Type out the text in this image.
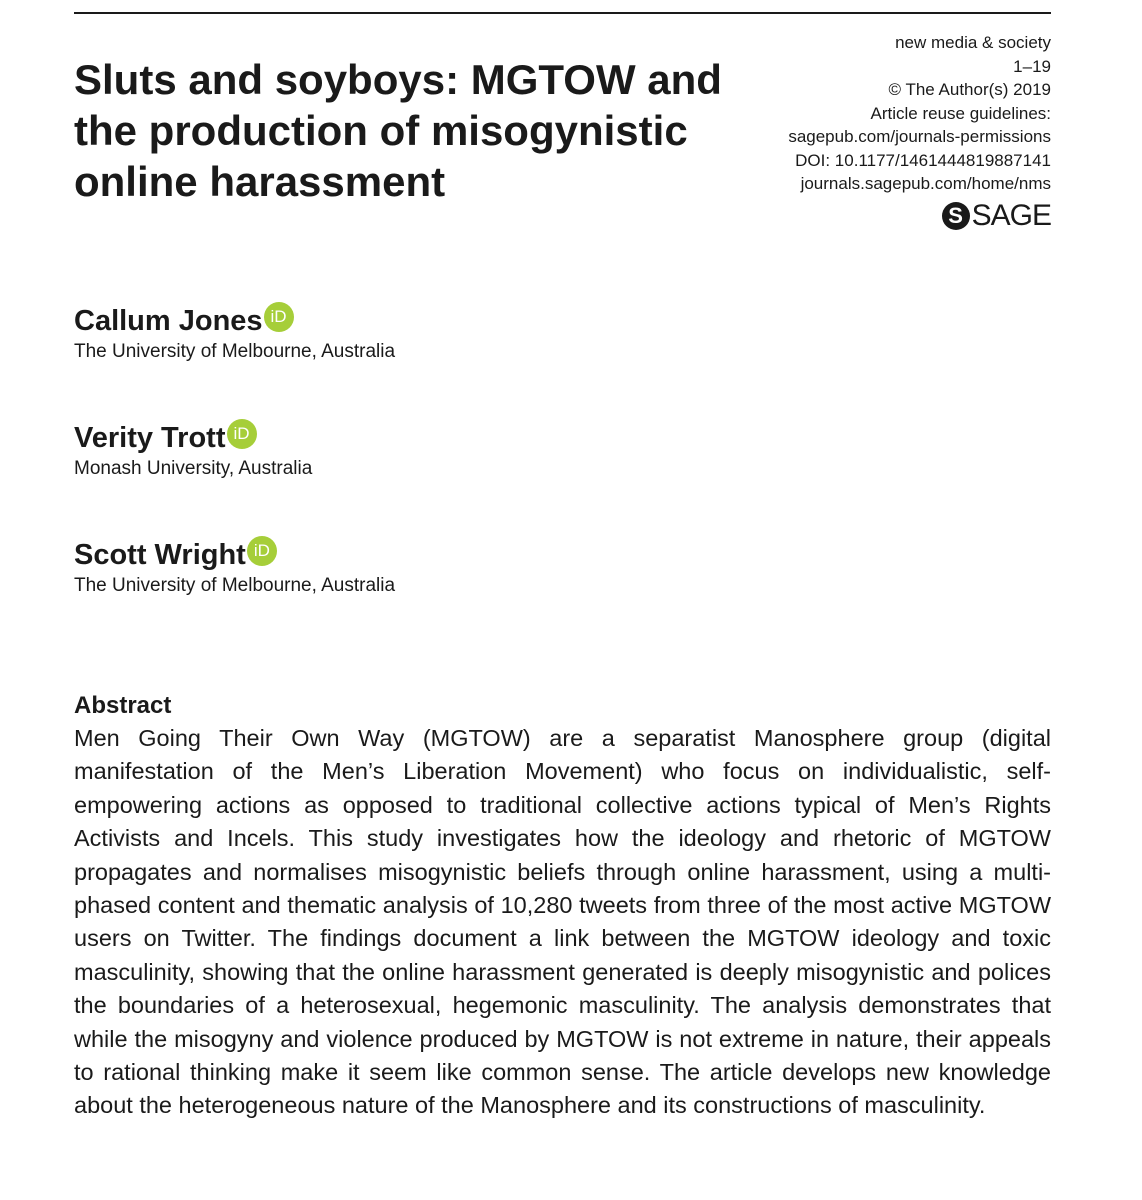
Sluts and soyboys: MGTOW and the production of misogynistic online harassment
new media & society
1–19
© The Author(s) 2019
Article reuse guidelines:
sagepub.com/journals-permissions
DOI: 10.1177/1461444819887141
journals.sagepub.com/home/nms
S SAGE
Callum Jones iD
The University of Melbourne, Australia
Verity Trott iD
Monash University, Australia
Scott Wright iD
The University of Melbourne, Australia
Abstract

Men Going Their Own Way (MGTOW) are a separatist Manosphere group (digital manifestation of the Men’s Liberation Movement) who focus on individualistic, self-empowering actions as opposed to traditional collective actions typical of Men’s Rights Activists and Incels. This study investigates how the ideology and rhetoric of MGTOW propagates and normalises misogynistic beliefs through online harassment, using a multi-phased content and thematic analysis of 10,280 tweets from three of the most active MGTOW users on Twitter. The findings document a link between the MGTOW ideology and toxic masculinity, showing that the online harassment generated is deeply misogynistic and polices the boundaries of a heterosexual, hegemonic masculinity. The analysis demonstrates that while the misogyny and violence produced by MGTOW is not extreme in nature, their appeals to rational thinking make it seem like common sense. The article develops new knowledge about the heterogeneous nature of the Manosphere and its constructions of masculinity.
